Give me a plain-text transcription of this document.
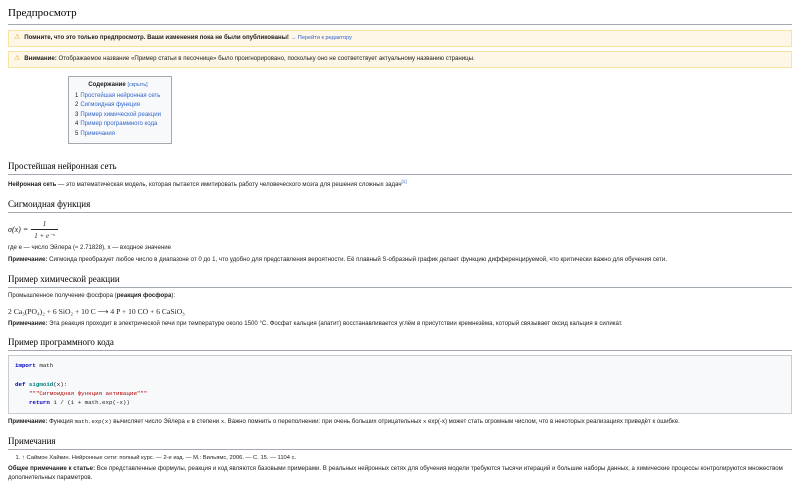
Предпросмотр
⚠ Помните, что это только предпросмотр. Ваши изменения пока не были опубликованы! → Перейти к редактору
⚠ Внимание: Отображаемое название «Пример статьи в песочнице» было проигнорировано, поскольку оно не соответствует актуальному названию страницы.
Содержание [скрыть]
1 Простейшая нейронная сеть
2 Сигмоидная функция
3 Пример химической реакции
4 Пример программного кода
5 Примечания
Простейшая нейронная сеть

Нейронная сеть — это математическая модель, которая пытается имитировать работу человеческого мозга для решения сложных задач[1]

Сигмоидная функция
$\sigma(x) = \frac{1}{\text{1 + e⁻ˣ}}$

где e — число Эйлера (≈ 2.71828), x — входное значение

Примечание: Сигмоида преобразует любое число в диапазоне от 0 до 1, что удобно для представления вероятности. Её плавный S-образный график делает функцию дифференцируемой, что критически важно для обучения сети.

Пример химической реакции

Промышленное получение фосфора (реакция фосфора):

2 Ca₃(PO₄)₂ + 6 SiO₂ + 10 C ⟶ 4 P + 10 CO + 6 CaSiO₃

Примечание: Эта реакция проходит в электрической печи при температуре около 1500 °C. Фосфат кальция (апатит) восстанавливается углём в присутствии кремнезёма, который связывает оксид кальция в силикат.

Пример программного кода
import math

def sigmoid(x):
"""Сигмоидная функция активации"""
return 1 / (1 + math.exp(-x))

Примечание: Функция math.exp(x) вычисляет число Эйлера e в степени x. Важно помнить о переполнении: при очень больших отрицательных x exp(-x) может стать огромным числом, что в некоторых реализациях приведёт к ошибке.

Примечания
1. ↑ Саймон Хайкин. Нейронные сети: полный курс. — 2-е изд. — М.: Вильямс, 2006. — С. 15. — 1104 с.

Общее примечание к статье: Все представленные формулы, реакция и код являются базовыми примерами. В реальных нейронных сетях для обучения модели требуются тысячи итераций и большие наборы данных, а химические процессы контролируются множеством дополнительных параметров.
